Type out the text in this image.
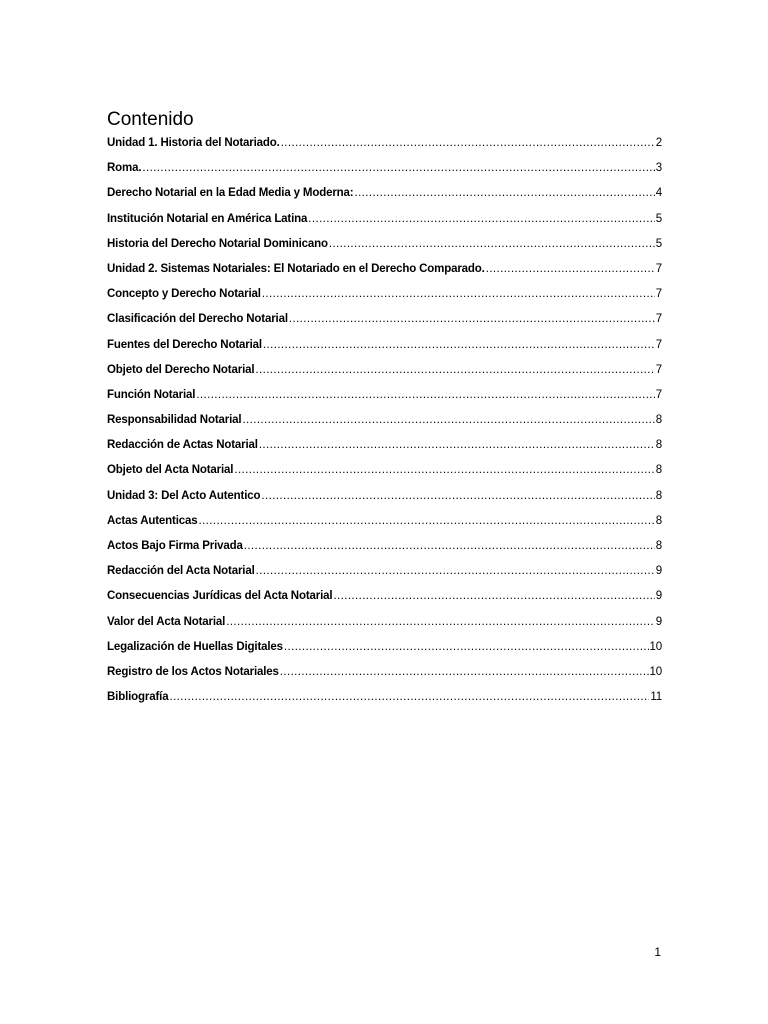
Contenido
Unidad 1. Historia del Notariado. .....	2
Roma. .....	3
Derecho Notarial en la Edad Media y Moderna: .....	4
Institución Notarial en América Latina .....	5
Historia del Derecho Notarial Dominicano .....	5
Unidad 2. Sistemas Notariales: El Notariado en el Derecho Comparado. .....	7
Concepto y Derecho Notarial .....	7
Clasificación del Derecho Notarial .....	7
Fuentes del Derecho Notarial .....	7
Objeto del Derecho Notarial .....	7
Función Notarial .....	7
Responsabilidad Notarial .....	8
Redacción de Actas Notarial .....	8
Objeto del Acta Notarial .....	8
Unidad 3: Del Acto Autentico .....	8
Actas Autenticas .....	8
Actos Bajo Firma Privada .....	8
Redacción del Acta Notarial .....	9
Consecuencias Jurídicas del Acta Notarial .....	9
Valor del Acta Notarial .....	9
Legalización de Huellas Digitales .....	10
Registro de los Actos Notariales .....	10
Bibliografía .....	11
1
